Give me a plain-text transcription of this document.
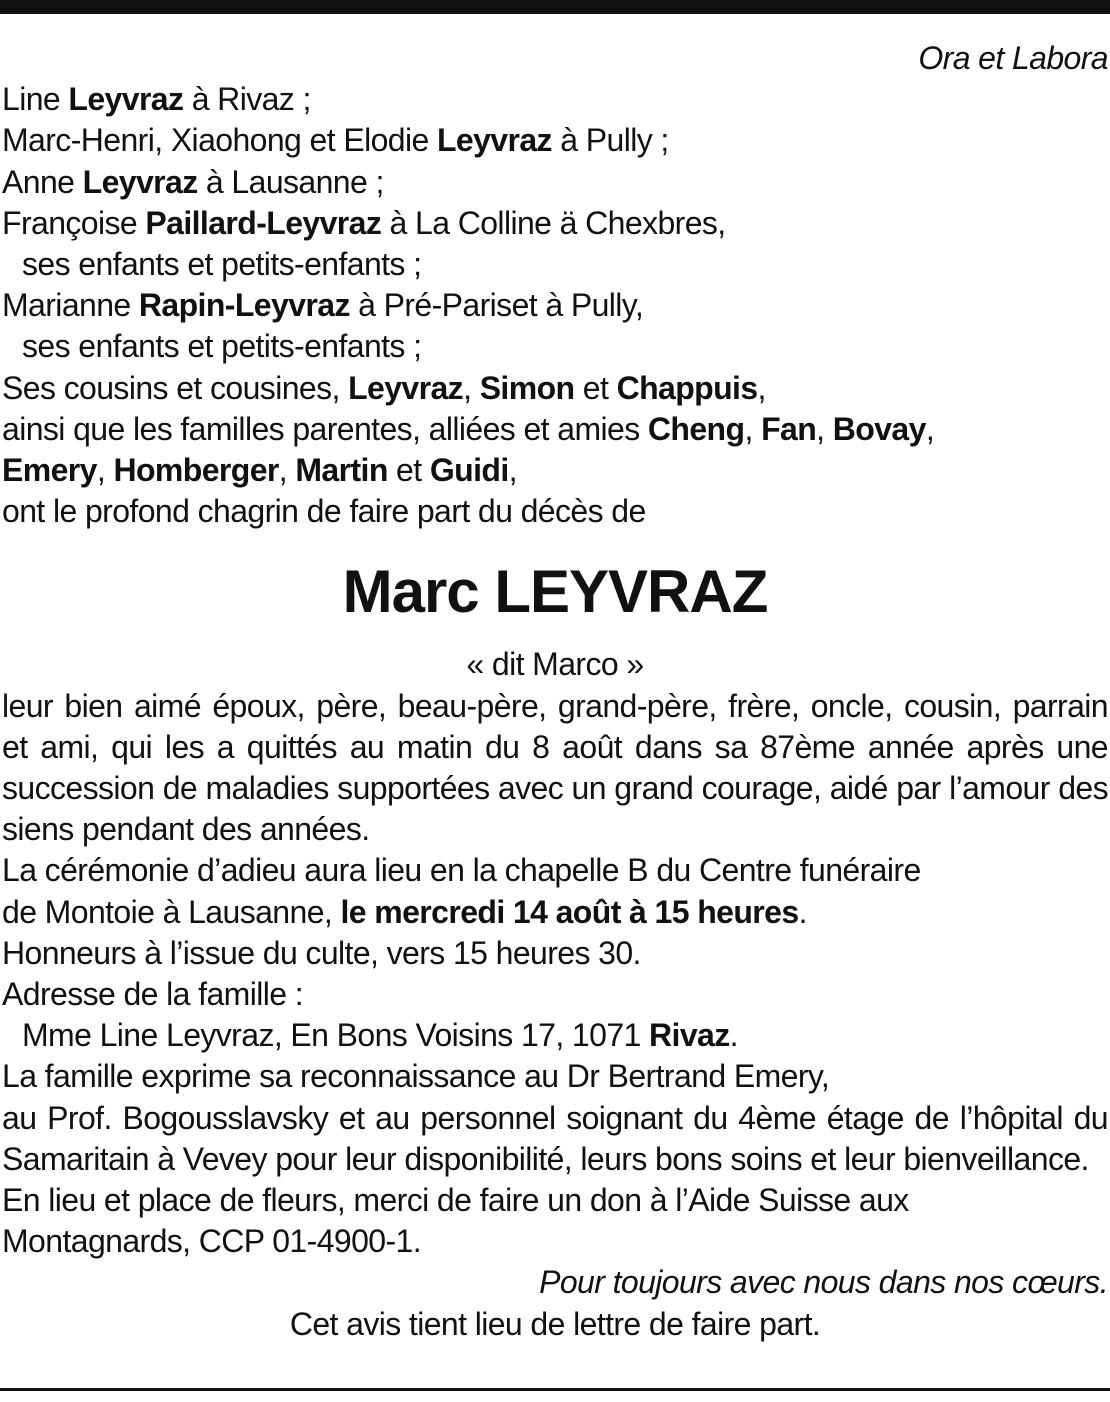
Ora et Labora
Line Leyvraz à Rivaz ;
Marc-Henri, Xiaohong et Elodie Leyvraz à Pully ;
Anne Leyvraz à Lausanne ;
Françoise Paillard-Leyvraz à La Colline ä Chexbres,
ses enfants et petits-enfants ;
Marianne Rapin-Leyvraz à Pré-Pariset à Pully,
ses enfants et petits-enfants ;
Ses cousins et cousines, Leyvraz, Simon et Chappuis,
ainsi que les familles parentes, alliées et amies Cheng, Fan, Bovay,
Emery, Homberger, Martin et Guidi,
ont le profond chagrin de faire part du décès de
Marc LEYVRAZ
« dit Marco »
leur bien aimé époux, père, beau-père, grand-père, frère, oncle, cousin, parrain et ami, qui les a quittés au matin du 8 août dans sa 87ème année après une succession de maladies supportées avec un grand courage, aidé par l’amour des siens pendant des années.
La cérémonie d’adieu aura lieu en la chapelle B du Centre funéraire
de Montoie à Lausanne, le mercredi 14 août à 15 heures.
Honneurs à l’issue du culte, vers 15 heures 30.
Adresse de la famille :
Mme Line Leyvraz, En Bons Voisins 17, 1071 Rivaz.
La famille exprime sa reconnaissance au Dr Bertrand Emery,
au Prof. Bogousslavsky et au personnel soignant du 4ème étage de l’hôpital du Samaritain à Vevey pour leur disponibilité, leurs bons soins et leur bienveillance.
En lieu et place de fleurs, merci de faire un don à l’Aide Suisse aux
Montagnards, CCP 01-4900-1.
Pour toujours avec nous dans nos cœurs.
Cet avis tient lieu de lettre de faire part.
